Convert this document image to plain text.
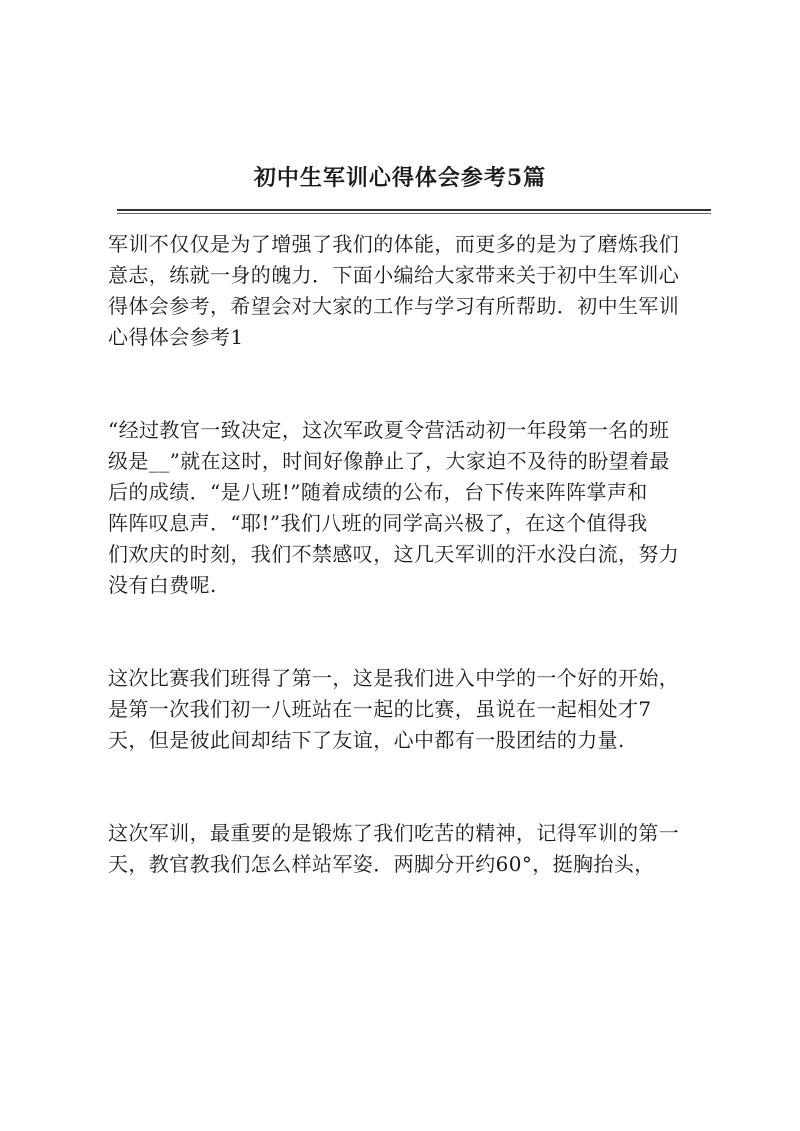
初中生军训心得体会参考5篇
军训不仅仅是为了增强了我们的体能，而更多的是为了磨炼我们
意志，练就一身的魄力．下面小编给大家带来关于初中生军训心
得体会参考，希望会对大家的工作与学习有所帮助．初中生军训
心得体会参考1
“经过教官一致决定，这次军政夏令营活动初一年段第一名的班
级是__”就在这时，时间好像静止了，大家迫不及待的盼望着最
后的成绩．“是八班!”随着成绩的公布，台下传来阵阵掌声和
阵阵叹息声．“耶!”我们八班的同学高兴极了，在这个值得我
们欢庆的时刻，我们不禁感叹，这几天军训的汗水没白流，努力
没有白费呢.
这次比赛我们班得了第一，这是我们进入中学的一个好的开始，
是第一次我们初一八班站在一起的比赛，虽说在一起相处才7
天，但是彼此间却结下了友谊，心中都有一股团结的力量.
这次军训，最重要的是锻炼了我们吃苦的精神，记得军训的第一
天，教官教我们怎么样站军姿．两脚分开约60°，挺胸抬头，
